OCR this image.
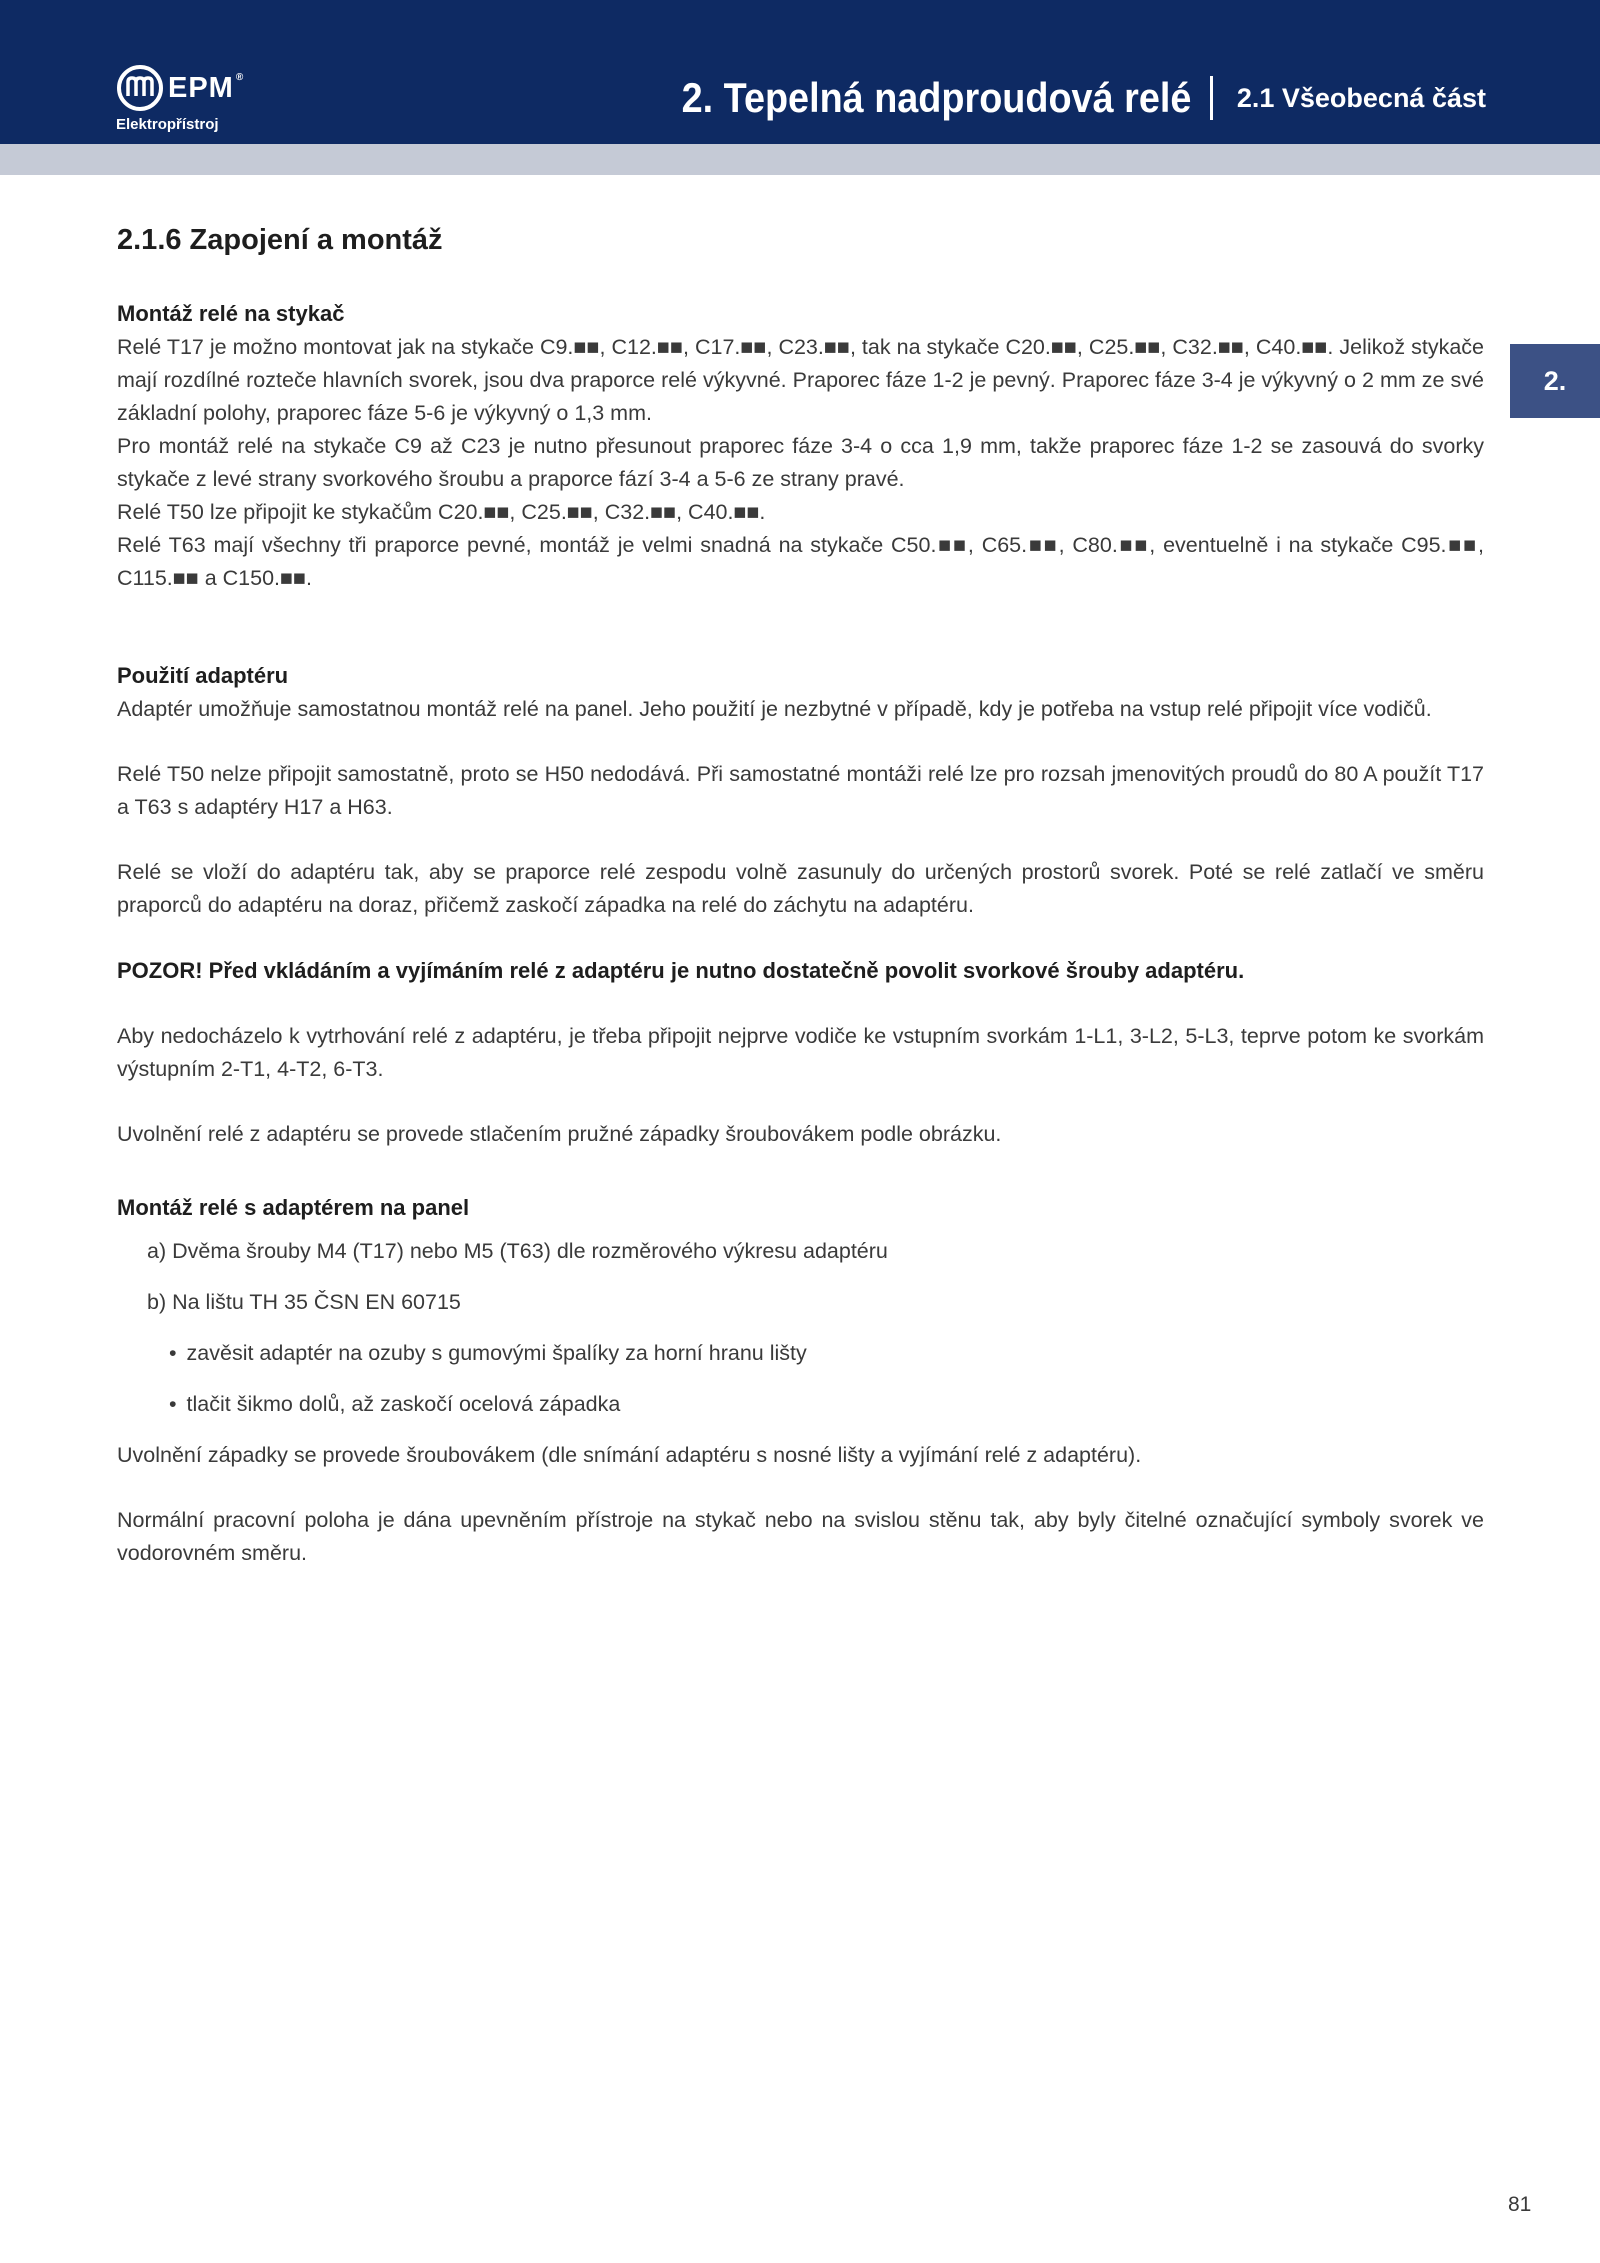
EPM ®
Elektropřístroj
2. Tepelná nadproudová relé 2.1 Všeobecná část
2.
2.1.6 Zapojení a montáž

Montáž relé na stykač

Relé T17 je možno montovat jak na stykače C9.■■, C12.■■, C17.■■, C23.■■, tak na stykače C20.■■, C25.■■, C32.■■, C40.■■. Jelikož stykače mají rozdílné rozteče hlavních svorek, jsou dva praporce relé výkyvné. Praporec fáze 1-2 je pevný. Praporec fáze 3-4 je výkyvný o 2 mm ze své základní polohy, praporec fáze 5-6 je výkyvný o 1,3 mm.

Pro montáž relé na stykače C9 až C23 je nutno přesunout praporec fáze 3-4 o cca 1,9 mm, takže praporec fáze 1-2 se zasouvá do svorky stykače z levé strany svorkového šroubu a praporce fází 3-4 a 5-6 ze strany pravé.

Relé T50 lze připojit ke stykačům C20.■■, C25.■■, C32.■■, C40.■■.

Relé T63 mají všechny tři praporce pevné, montáž je velmi snadná na stykače C50.■■, C65.■■, C80.■■, eventuelně i na stykače C95.■■, C115.■■ a C150.■■.

Použití adaptéru

Adaptér umožňuje samostatnou montáž relé na panel. Jeho použití je nezbytné v případě, kdy je potřeba na vstup relé připojit více vodičů.

Relé T50 nelze připojit samostatně, proto se H50 nedodává. Při samostatné montáži relé lze pro rozsah jmenovitých proudů do 80 A použít T17 a T63 s adaptéry H17 a H63.

Relé se vloží do adaptéru tak, aby se praporce relé zespodu volně zasunuly do určených prostorů svorek. Poté se relé zatlačí ve směru praporců do adaptéru na doraz, přičemž zaskočí západka na relé do záchytu na adaptéru.

POZOR! Před vkládáním a vyjímáním relé z adaptéru je nutno dostatečně povolit svorkové šrouby adaptéru.

Aby nedocházelo k vytrhování relé z adaptéru, je třeba připojit nejprve vodiče ke vstupním svorkám 1-L1, 3-L2, 5-L3, teprve potom ke svorkám výstupním 2-T1, 4-T2, 6-T3.

Uvolnění relé z adaptéru se provede stlačením pružné západky šroubovákem podle obrázku.

Montáž relé s adaptérem na panel

a) Dvěma šrouby M4 (T17) nebo M5 (T63) dle rozměrového výkresu adaptéru
b) Na lištu TH 35 ČSN EN 60715
• zavěsit adaptér na ozuby s gumovými špalíky za horní hranu lišty
• tlačit šikmo dolů, až zaskočí ocelová západka

Uvolnění západky se provede šroubovákem (dle snímání adaptéru s nosné lišty a vyjímání relé z adaptéru).

Normální pracovní poloha je dána upevněním přístroje na stykač nebo na svislou stěnu tak, aby byly čitelné označující symboly svorek ve vodorovném směru.

81
